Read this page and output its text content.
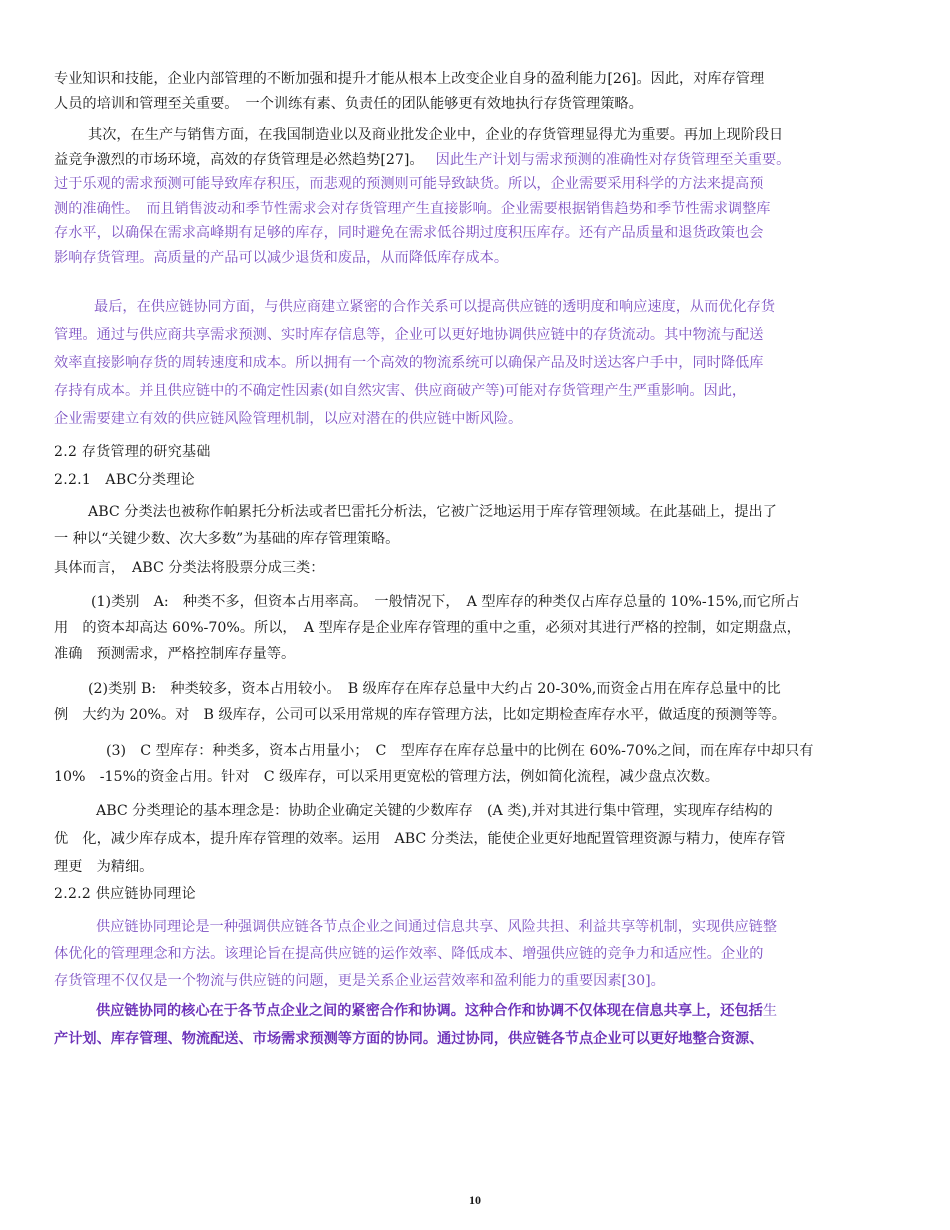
专业知识和技能，企业内部管理的不断加强和提升才能从根本上改变企业自身的盈利能力[26]。因此，对库存管理
人员的培训和管理至关重要。　一个训练有素、负责任的团队能够更有效地执行存货管理策略。
其次，在生产与销售方面，在我国制造业以及商业批发企业中，企业的存货管理显得尤为重要。再加上现阶段日
益竞争激烈的市场环境，高效的存货管理是必然趋势[27]。 因此生产计划与需求预测的准确性对存货管理至关重要。
过于乐观的需求预测可能导致库存积压，而悲观的预测则可能导致缺货。所以，企业需要采用科学的方法来提高预
测的准确性。　而且销售波动和季节性需求会对存货管理产生直接影响。企业需要根据销售趋势和季节性需求调整库
存水平，以确保在需求高峰期有足够的库存，同时避免在需求低谷期过度积压库存。还有产品质量和退货政策也会
影响存货管理。高质量的产品可以减少退货和废品，从而降低库存成本。
最后，在供应链协同方面，与供应商建立紧密的合作关系可以提高供应链的透明度和响应速度，从而优化存货
管理。通过与供应商共享需求预测、实时库存信息等，企业可以更好地协调供应链中的存货流动。其中物流与配送
效率直接影响存货的周转速度和成本。所以拥有一个高效的物流系统可以确保产品及时送达客户手中，同时降低库
存持有成本。并且供应链中的不确定性因素(如自然灾害、供应商破产等)可能对存货管理产生严重影响。因此，
企业需要建立有效的供应链风险管理机制，以应对潜在的供应链中断风险。
2.2 存货管理的研究基础
2.2.1　ABC分类理论
ABC 分类法也被称作帕累托分析法或者巴雷托分析法，它被广泛地运用于库存管理领域。在此基础上，提出了
一 种以“关键少数、次大多数”为基础的库存管理策略。
具体而言，　ABC 分类法将股票分成三类：
(1)类别　A:　种类不多，但资本占用率高。　一般情况下，　A 型库存的种类仅占库存总量的 10%-15%,而它所占
用　的资本却高达 60%-70%。所以，　A 型库存是企业库存管理的重中之重，必须对其进行严格的控制，如定期盘点，
准确　预测需求，严格控制库存量等。
(2)类别 B:　种类较多，资本占用较小。　B 级库存在库存总量中大约占 20-30%,而资金占用在库存总量中的比
例　大约为 20%。对　B 级库存，公司可以采用常规的库存管理方法，比如定期检查库存水平，做适度的预测等等。
(3)　C 型库存：种类多，资本占用量小；　C　型库存在库存总量中的比例在 60%-70%之间，而在库存中却只有
10%　-15%的资金占用。针对　C 级库存，可以采用更宽松的管理方法，例如简化流程，减少盘点次数。
ABC 分类理论的基本理念是：协助企业确定关键的少数库存　(A 类),并对其进行集中管理，实现库存结构的
优　化，减少库存成本，提升库存管理的效率。运用　ABC 分类法，能使企业更好地配置管理资源与精力，使库存管
理更　为精细。
2.2.2 供应链协同理论
供应链协同理论是一种强调供应链各节点企业之间通过信息共享、风险共担、利益共享等机制，实现供应链整
体优化的管理理念和方法。该理论旨在提高供应链的运作效率、降低成本、增强供应链的竞争力和适应性。企业的
存货管理不仅仅是一个物流与供应链的问题，更是关系企业运营效率和盈利能力的重要因素[30]。
供应链协同的核心在于各节点企业之间的紧密合作和协调。这种合作和协调不仅体现在信息共享上，还包括生
产计划、库存管理、物流配送、市场需求预测等方面的协同。通过协同，供应链各节点企业可以更好地整合资源、
10
